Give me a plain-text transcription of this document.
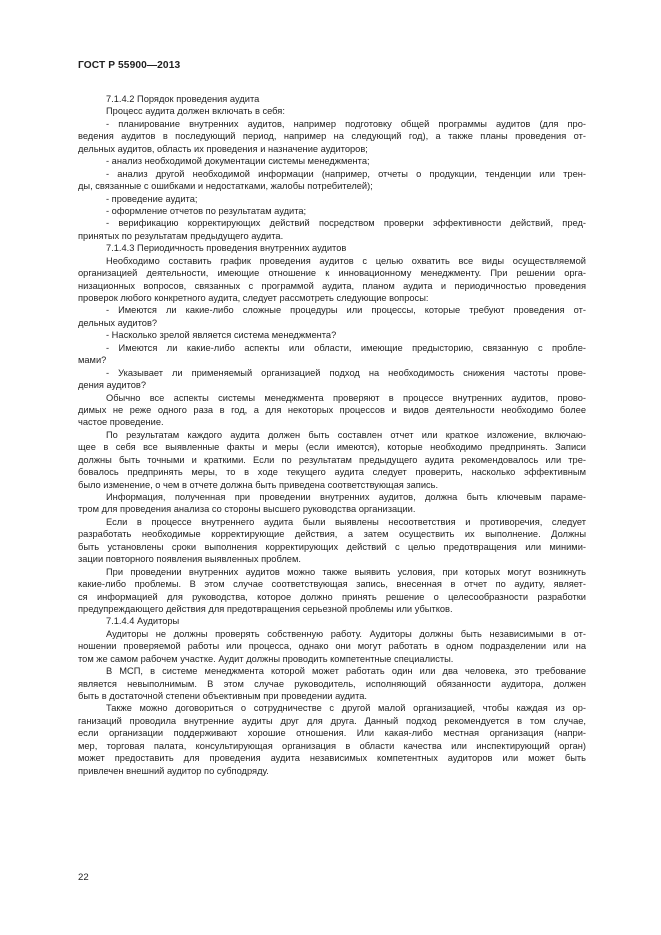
ГОСТ Р 55900—2013
7.1.4.2 Порядок проведения аудита
Процесс аудита должен включать в себя:
- планирование внутренних аудитов, например подготовку общей программы аудитов (для про-
ведения аудитов в последующий период, например на следующий год), а также планы проведения от-
дельных аудитов, область их проведения и назначение аудиторов;
- анализ необходимой документации системы менеджмента;
- анализ другой необходимой информации (например, отчеты о продукции, тенденции или трен-
ды, связанные с ошибками и недостатками, жалобы потребителей);
- проведение аудита;
- оформление отчетов по результатам аудита;
- верификацию корректирующих действий посредством проверки эффективности действий, пред-
принятых по результатам предыдущего аудита.
7.1.4.3 Периодичность проведения внутренних аудитов
Необходимо составить график проведения аудитов с целью охватить все виды осуществляемой
организацией деятельности, имеющие отношение к инновационному менеджменту. При решении орга-
низационных вопросов, связанных с программой аудита, планом аудита и периодичностью проведения
проверок любого конкретного аудита, следует рассмотреть следующие вопросы:
- Имеются ли какие-либо сложные процедуры или процессы, которые требуют проведения от-
дельных аудитов?
- Насколько зрелой является система менеджмента?
- Имеются ли какие-либо аспекты или области, имеющие предысторию, связанную с пробле-
мами?
- Указывает ли применяемый организацией подход на необходимость снижения частоты прове-
дения аудитов?
Обычно все аспекты системы менеджмента проверяют в процессе внутренних аудитов, прово-
димых не реже одного раза в год, а для некоторых процессов и видов деятельности необходимо более
частое проведение.
По результатам каждого аудита должен быть составлен отчет или краткое изложение, включаю-
щее в себя все выявленные факты и меры (если имеются), которые необходимо предпринять. Записи
должны быть точными и краткими. Если по результатам предыдущего аудита рекомендовалось или тре-
бовалось предпринять меры, то в ходе текущего аудита следует проверить, насколько эффективным
было изменение, о чем в отчете должна быть приведена соответствующая запись.
Информация, полученная при проведении внутренних аудитов, должна быть ключевым параме-
тром для проведения анализа со стороны высшего руководства организации.
Если в процессе внутреннего аудита были выявлены несоответствия и противоречия, следует
разработать необходимые корректирующие действия, а затем осуществить их выполнение. Должны
быть установлены сроки выполнения корректирующих действий с целью предотвращения или миними-
зации повторного появления выявленных проблем.
При проведении внутренних аудитов можно также выявить условия, при которых могут возникнуть
какие-либо проблемы. В этом случае соответствующая запись, внесенная в отчет по аудиту, являет-
ся информацией для руководства, которое должно принять решение о целесообразности разработки
предупреждающего действия для предотвращения серьезной проблемы или убытков.
7.1.4.4 Аудиторы
Аудиторы не должны проверять собственную работу. Аудиторы должны быть независимыми в от-
ношении проверяемой работы или процесса, однако они могут работать в одном подразделении или на
том же самом рабочем участке. Аудит должны проводить компетентные специалисты.
В МСП, в системе менеджмента которой может работать один или два человека, это требование
является невыполнимым. В этом случае руководитель, исполняющий обязанности аудитора, должен
быть в достаточной степени объективным при проведении аудита.
Также можно договориться о сотрудничестве с другой малой организацией, чтобы каждая из ор-
ганизаций проводила внутренние аудиты друг для друга. Данный подход рекомендуется в том случае,
если организации поддерживают хорошие отношения. Или какая-либо местная организация (напри-
мер, торговая палата, консультирующая организация в области качества или инспектирующий орган)
может предоставить для проведения аудита независимых компетентных аудиторов или может быть
привлечен внешний аудитор по субподряду.
22
